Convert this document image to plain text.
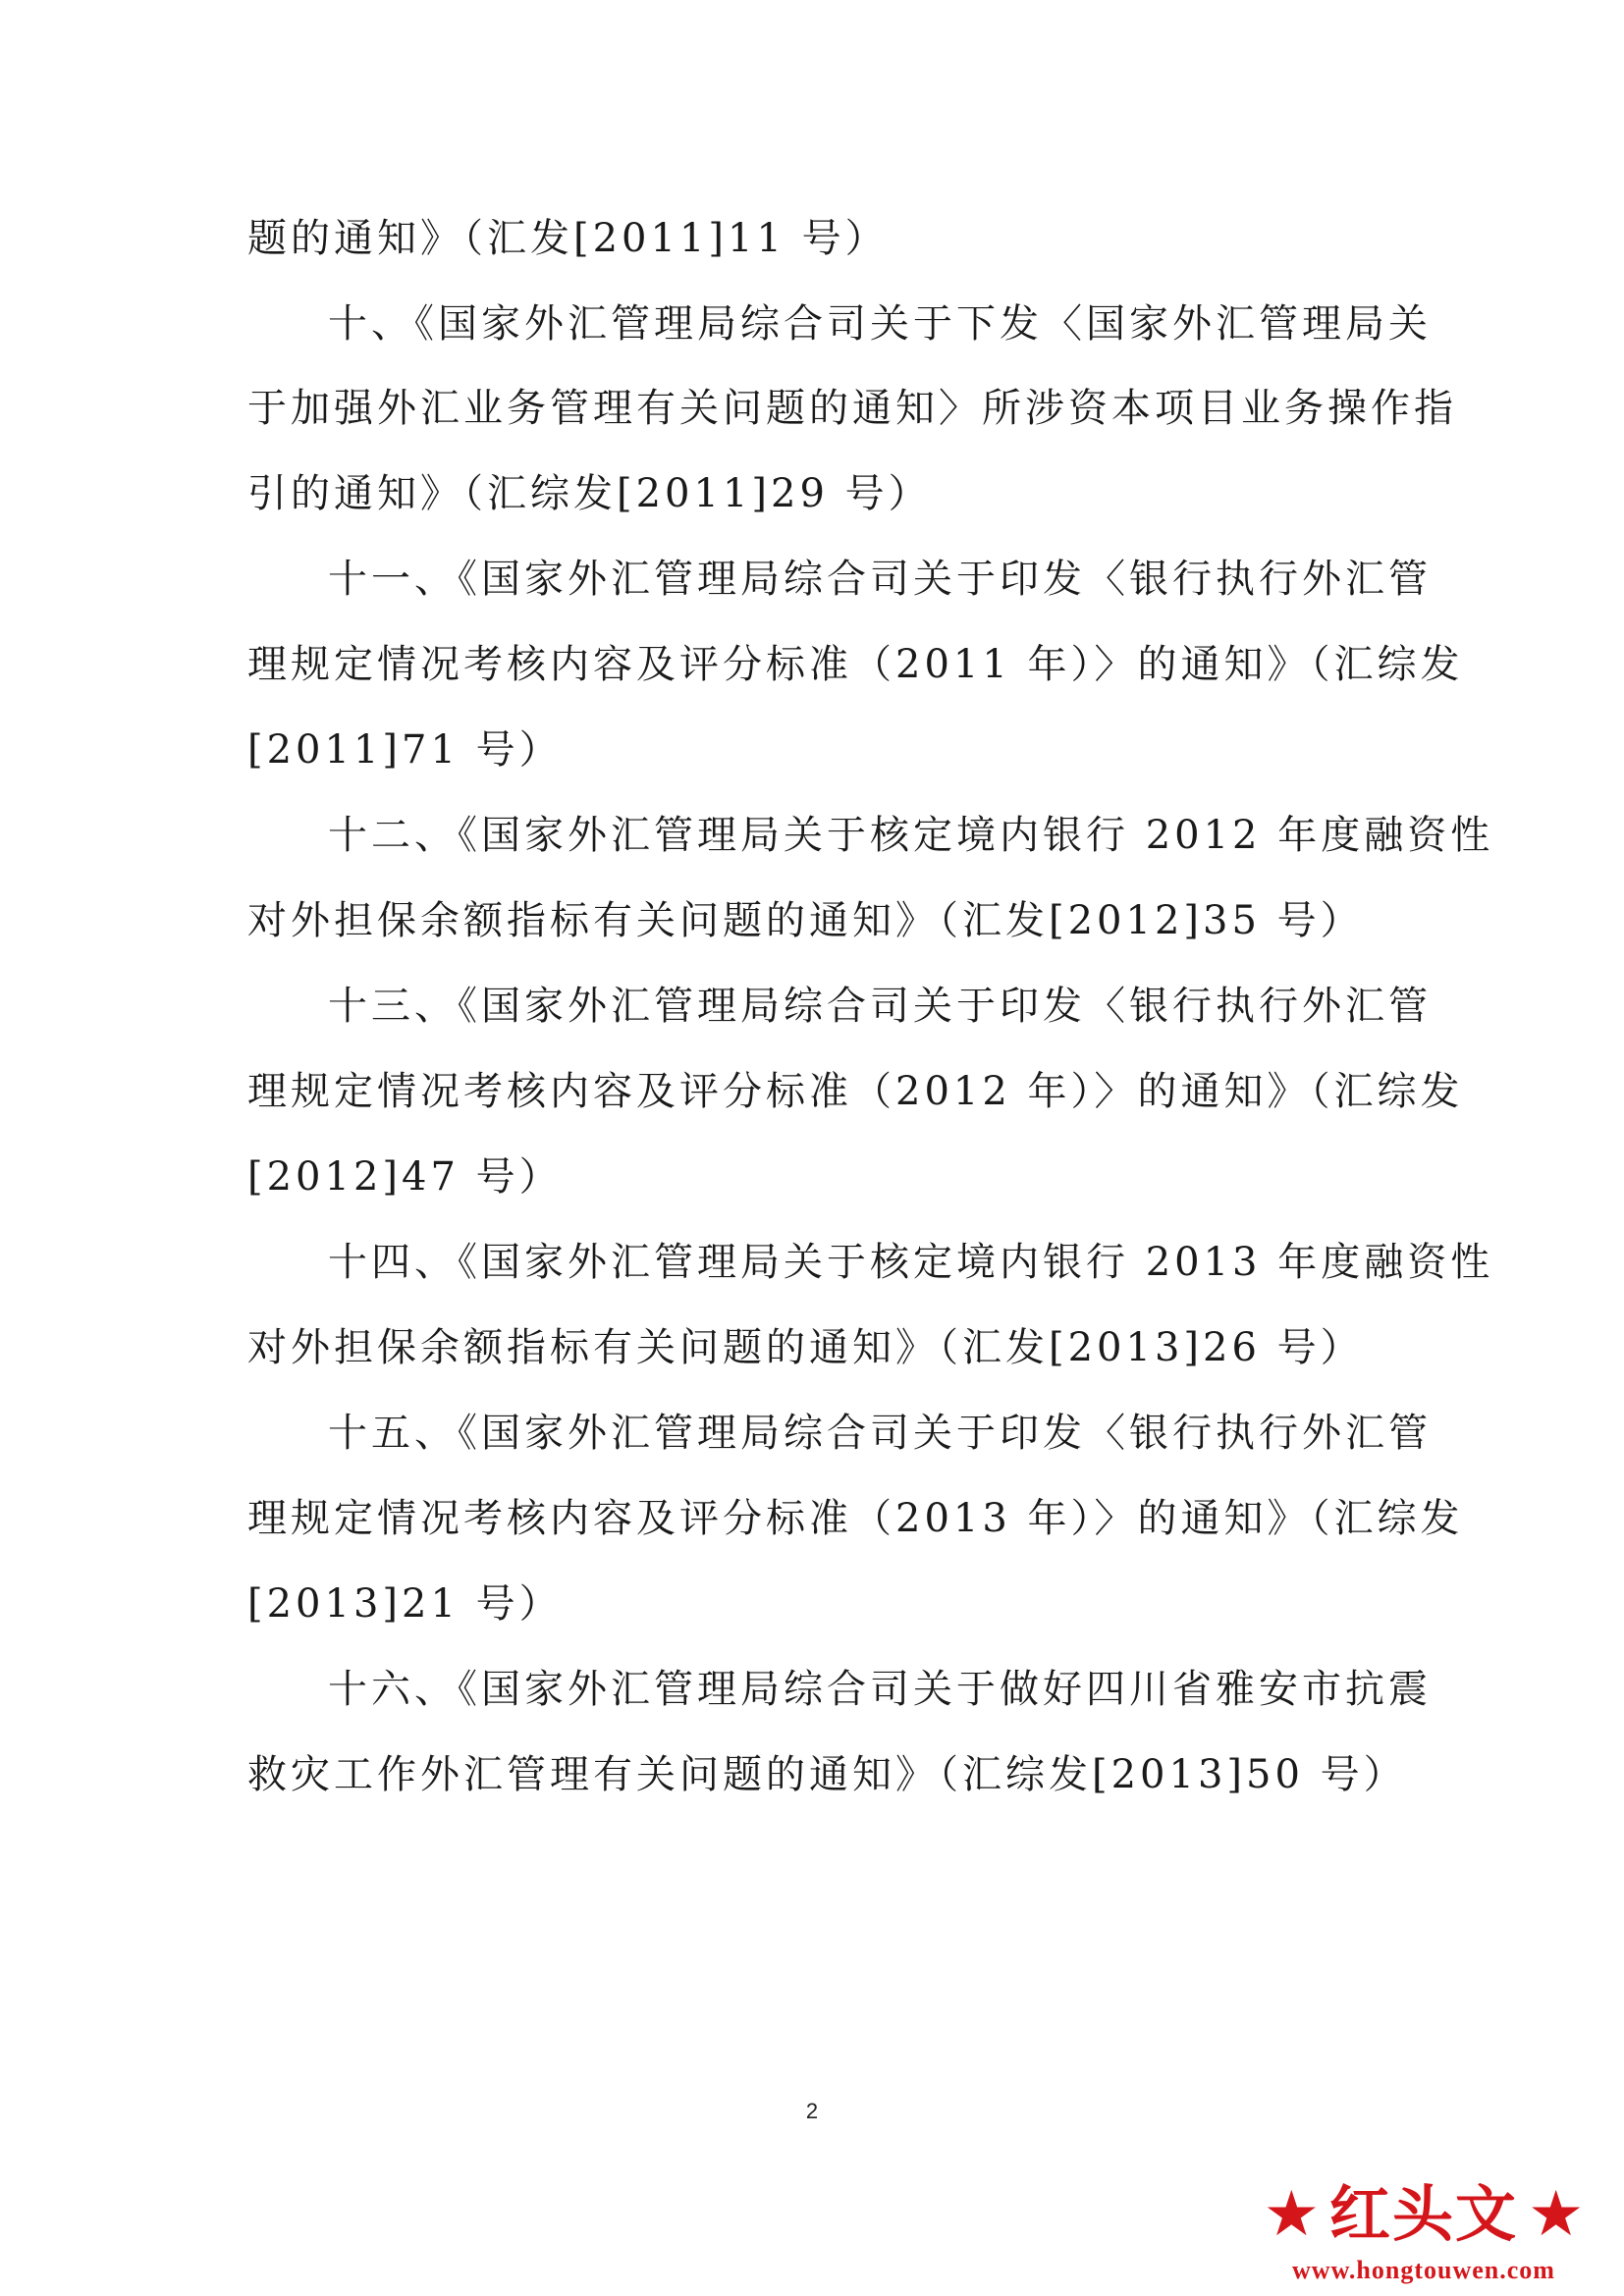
题的通知》（汇发[2011]11 号）
十、《国家外汇管理局综合司关于下发〈国家外汇管理局关
于加强外汇业务管理有关问题的通知〉所涉资本项目业务操作指
引的通知》（汇综发[2011]29 号）
十一、《国家外汇管理局综合司关于印发〈银行执行外汇管
理规定情况考核内容及评分标准（2011 年）〉的通知》（汇综发
[2011]71 号）
十二、《国家外汇管理局关于核定境内银行 2012 年度融资性
对外担保余额指标有关问题的通知》（汇发[2012]35 号）
十三、《国家外汇管理局综合司关于印发〈银行执行外汇管
理规定情况考核内容及评分标准（2012 年）〉的通知》（汇综发
[2012]47 号）
十四、《国家外汇管理局关于核定境内银行 2013 年度融资性
对外担保余额指标有关问题的通知》（汇发[2013]26 号）
十五、《国家外汇管理局综合司关于印发〈银行执行外汇管
理规定情况考核内容及评分标准（2013 年）〉的通知》（汇综发
[2013]21 号）
十六、《国家外汇管理局综合司关于做好四川省雅安市抗震
救灾工作外汇管理有关问题的通知》（汇综发[2013]50 号）
2
★ 红头文 ★
www.hongtouwen.com
